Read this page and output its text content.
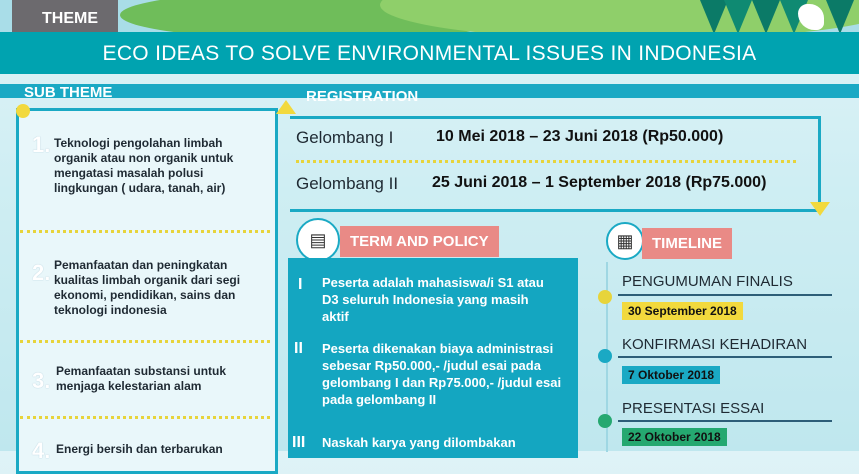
THEME
ECO IDEAS TO SOLVE ENVIRONMENTAL ISSUES IN INDONESIA
SUB THEME	REGISTRATION
1. Teknologi pengolahan limbah organik atau non organik untuk mengatasi masalah polusi lingkungan ( udara, tanah, air)
2. Pemanfaatan dan peningkatan kualitas limbah organik dari segi ekonomi, pendidikan, sains dan teknologi indonesia
3. Pemanfaatan substansi untuk menjaga kelestarian alam
4. Energi bersih dan terbarukan
Gelombang I	10 Mei 2018 – 23 Juni 2018 (Rp50.000)
Gelombang II 25 Juni 2018 – 1 September 2018 (Rp75.000)
▤	TERM AND POLICY
I Peserta adalah mahasiswa/i S1 atau D3 seluruh Indonesia yang masih aktif
II Peserta dikenakan biaya administrasi sebesar Rp50.000,- /judul esai pada gelombang I dan Rp75.000,- /judul esai pada gelombang II
III Naskah karya yang dilombakan
▦	TIMELINE
PENGUMUMAN FINALIS
30 September 2018
KONFIRMASI KEHADIRAN
7 Oktober 2018
PRESENTASI ESSAI
22 Oktober 2018
